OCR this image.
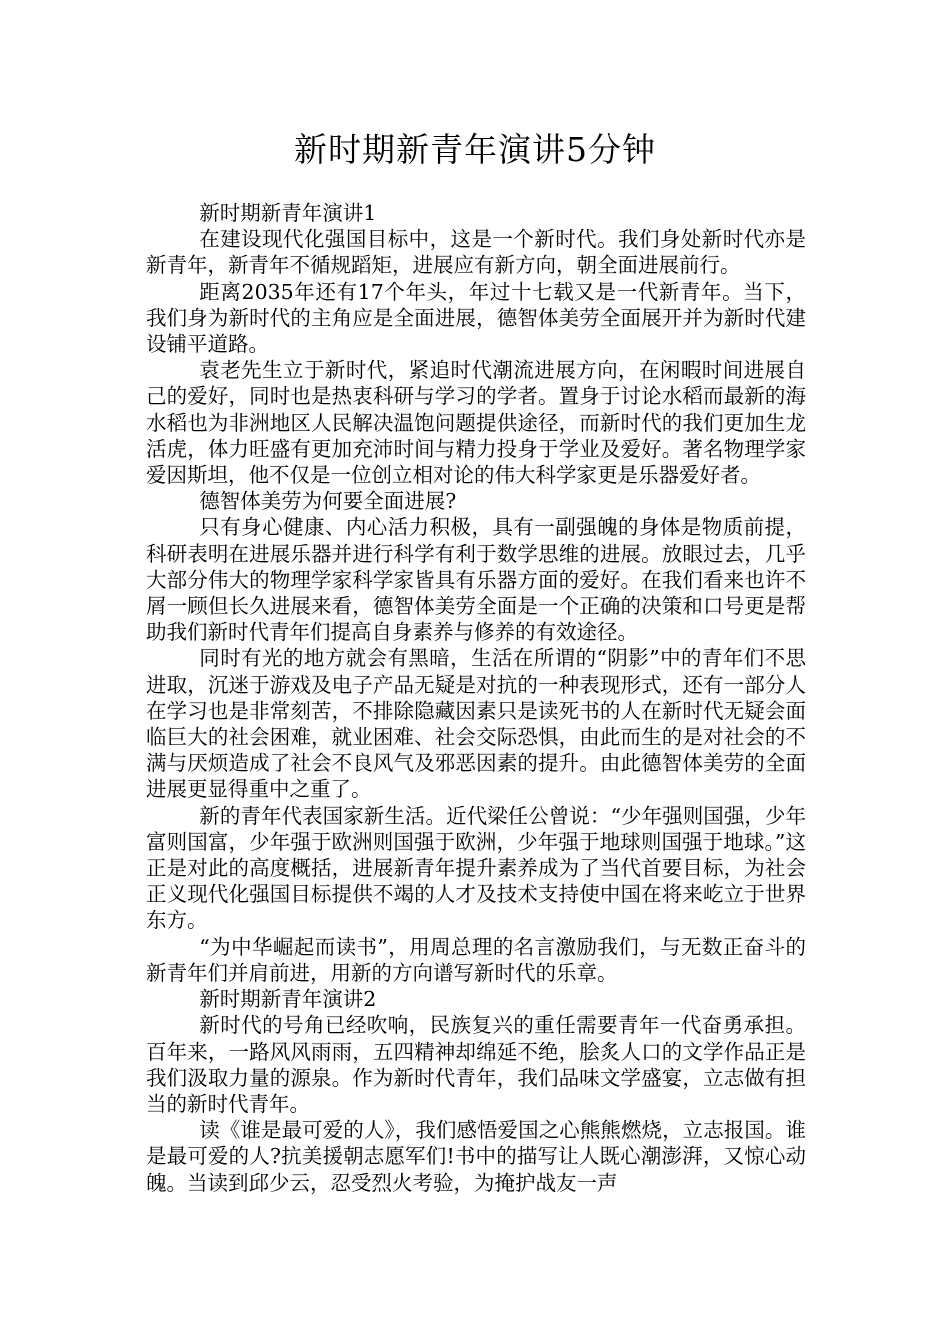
新时期新青年演讲5分钟

新时期新青年演讲1

在建设现代化强国目标中，这是一个新时代。我们身处新时代亦是新青年，新青年不循规蹈矩，进展应有新方向，朝全面进展前行。

距离2035年还有17个年头，年过十七载又是一代新青年。当下，我们身为新时代的主角应是全面进展，德智体美劳全面展开并为新时代建设铺平道路。

袁老先生立于新时代，紧追时代潮流进展方向，在闲暇时间进展自己的爱好，同时也是热衷科研与学习的学者。置身于讨论水稻而最新的海水稻也为非洲地区人民解决温饱问题提供途径，而新时代的我们更加生龙活虎，体力旺盛有更加充沛时间与精力投身于学业及爱好。著名物理学家爱因斯坦，他不仅是一位创立相对论的伟大科学家更是乐器爱好者。

德智体美劳为何要全面进展?

只有身心健康、内心活力积极，具有一副强魄的身体是物质前提，科研表明在进展乐器并进行科学有利于数学思维的进展。放眼过去，几乎大部分伟大的物理学家科学家皆具有乐器方面的爱好。在我们看来也许不屑一顾但长久进展来看，德智体美劳全面是一个正确的决策和口号更是帮助我们新时代青年们提高自身素养与修养的有效途径。

同时有光的地方就会有黑暗，生活在所谓的“阴影”中的青年们不思进取，沉迷于游戏及电子产品无疑是对抗的一种表现形式，还有一部分人在学习也是非常刻苦，不排除隐藏因素只是读死书的人在新时代无疑会面临巨大的社会困难，就业困难、社会交际恐惧，由此而生的是对社会的不满与厌烦造成了社会不良风气及邪恶因素的提升。由此德智体美劳的全面进展更显得重中之重了。

新的青年代表国家新生活。近代梁任公曾说：“少年强则国强，少年富则国富，少年强于欧洲则国强于欧洲，少年强于地球则国强于地球。”这正是对此的高度概括，进展新青年提升素养成为了当代首要目标，为社会正义现代化强国目标提供不竭的人才及技术支持使中国在将来屹立于世界东方。

“为中华崛起而读书”，用周总理的名言激励我们，与无数正奋斗的新青年们并肩前进，用新的方向谱写新时代的乐章。

新时期新青年演讲2

新时代的号角已经吹响，民族复兴的重任需要青年一代奋勇承担。百年来，一路风风雨雨，五四精神却绵延不绝，脍炙人口的文学作品正是我们汲取力量的源泉。作为新时代青年，我们品味文学盛宴，立志做有担当的新时代青年。

读《谁是最可爱的人》，我们感悟爱国之心熊熊燃烧，立志报国。谁是最可爱的人?抗美援朝志愿军们!书中的描写让人既心潮澎湃，又惊心动魄。当读到邱少云，忍受烈火考验，为掩护战友一声
